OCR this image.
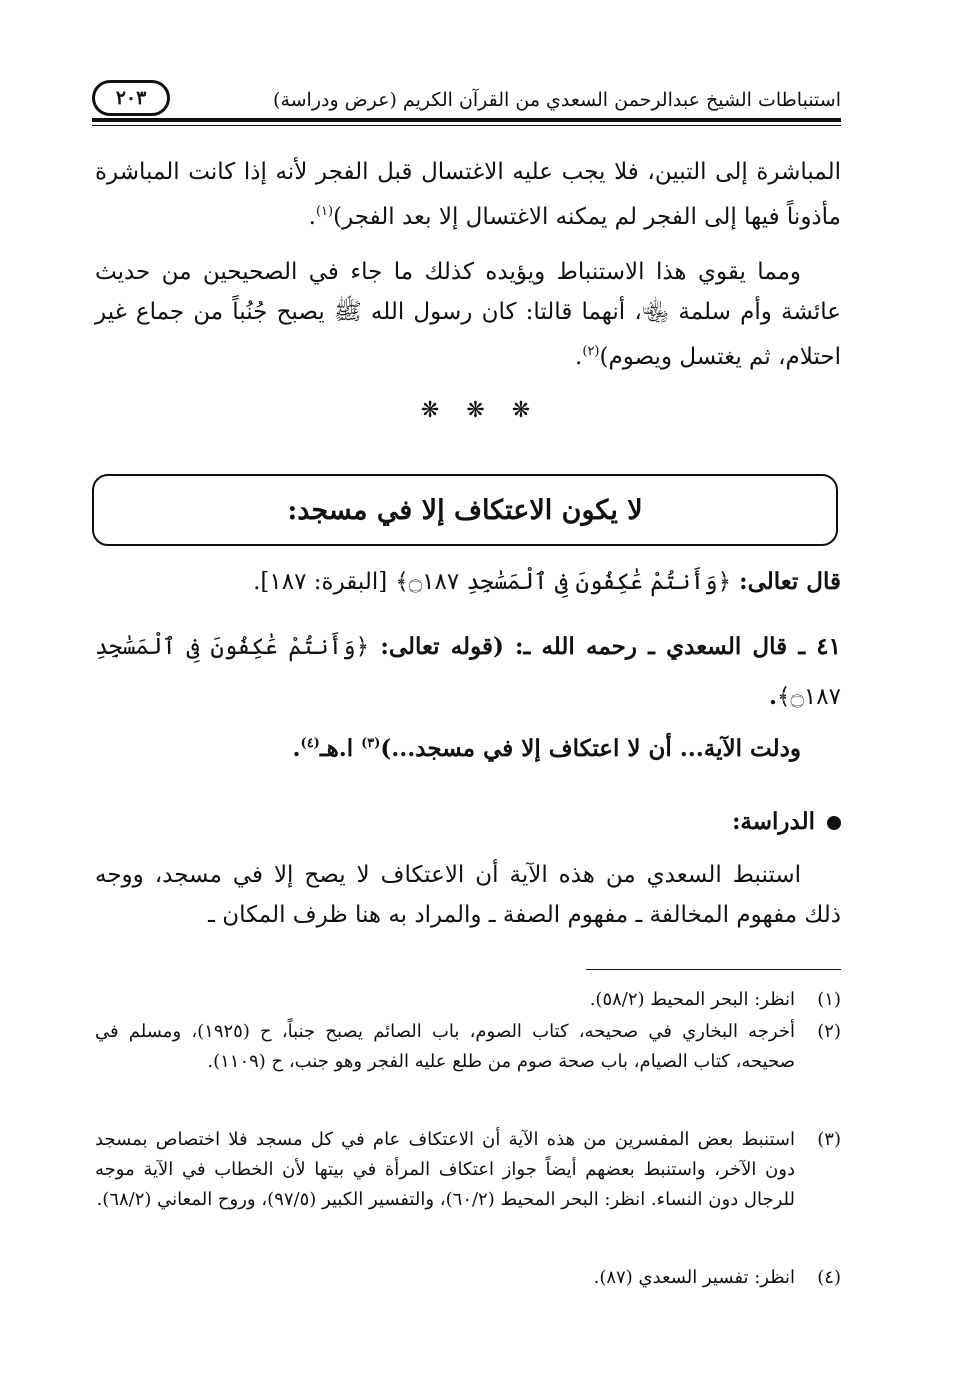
استنباطات الشيخ عبدالرحمن السعدي من القرآن الكريم (عرض ودراسة)
٢٠٣
المباشرة إلى التبين، فلا يجب عليه الاغتسال قبل الفجر لأنه إذا كانت المباشرة مأذوناً فيها إلى الفجر لم يمكنه الاغتسال إلا بعد الفجر)$^{(١)}$.
ومما يقوي هذا الاستنباط ويؤيده كذلك ما جاء في الصحيحين من حديث عائشة وأم سلمة ﵄، أنهما قالتا: كان رسول الله ﷺ يصبح جُنُباً من جماع غير احتلام، ثم يغتسل ويصوم)$^{(٢)}$.
❋ ❋ ❋
لا يكون الاعتكاف إلا في مسجد:
قال تعالى: ﴿وَأَنتُمْ عَٰكِفُونَ فِى ٱلْمَسَٰجِدِ ۝١٨٧﴾ [البقرة: ١٨٧].
٤١ ـ قال السعدي ـ رحمه الله ـ: (قوله تعالى: ﴿وَأَنتُمْ عَٰكِفُونَ فِى ٱلْمَسَٰجِدِ ۝١٨٧﴾.
ودلت الآية... أن لا اعتكاف إلا في مسجد...)$^{(٣)}$ ا.هـ$^{(٤)}$.
الدراسة:
استنبط السعدي من هذه الآية أن الاعتكاف لا يصح إلا في مسجد، ووجه ذلك مفهوم المخالفة ـ مفهوم الصفة ـ والمراد به هنا ظرف المكان ـ
(١)
انظر: البحر المحيط (٥٨/٢).
(٢)
أخرجه البخاري في صحيحه، كتاب الصوم، باب الصائم يصبح جنباً، ح (١٩٢٥)، ومسلم في صحيحه، كتاب الصيام، باب صحة صوم من طلع عليه الفجر وهو جنب، ح (١١٠٩).
(٣)
استنبط بعض المفسرين من هذه الآية أن الاعتكاف عام في كل مسجد فلا اختصاص بمسجد دون الآخر، واستنبط بعضهم أيضاً جواز اعتكاف المرأة في بيتها لأن الخطاب في الآية موجه للرجال دون النساء. انظر: البحر المحيط (٦٠/٢)، والتفسير الكبير (٩٧/٥)، وروح المعاني (٦٨/٢).
(٤)
انظر: تفسير السعدي (٨٧).
